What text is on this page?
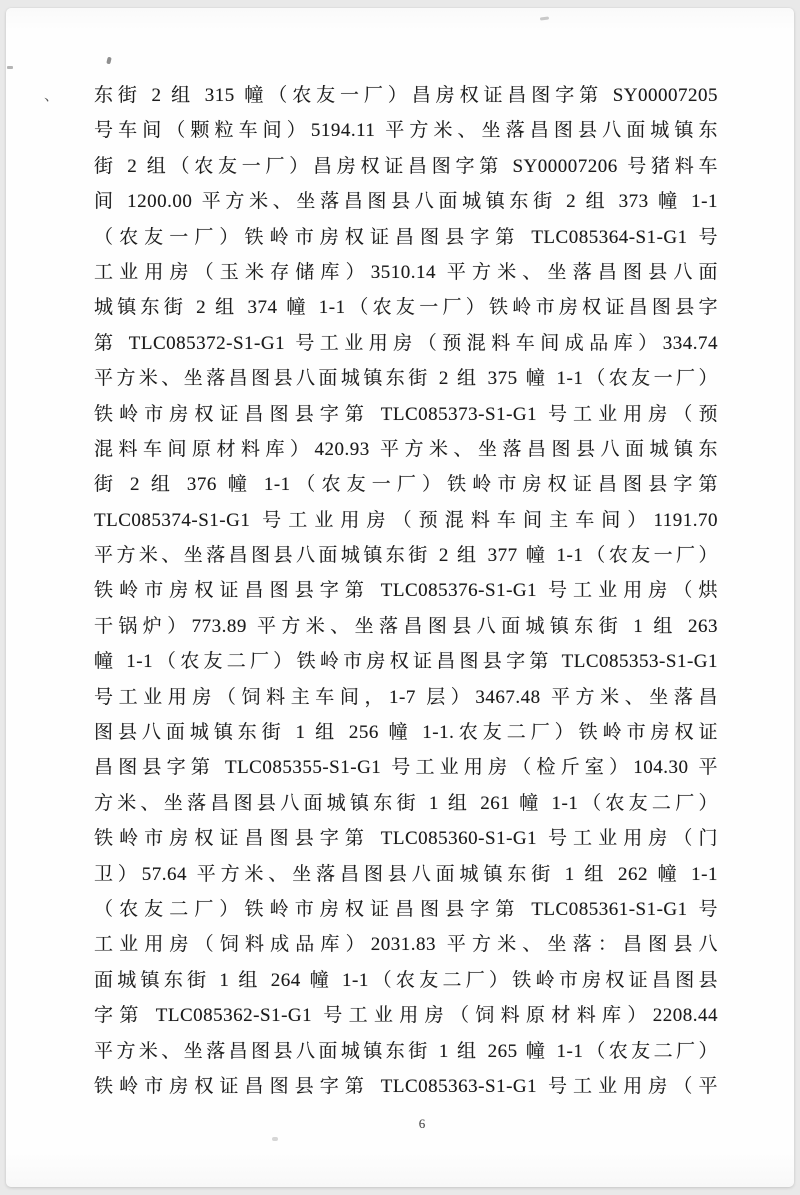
、 东街 2 组 315 幢（农友一厂）昌房权证昌图字第 SY00007205
号车间（颗粒车间）5194.11 平方米、坐落昌图县八面城镇东
街 2 组（农友一厂）昌房权证昌图字第 SY00007206 号猪料车
间 1200.00 平方米、坐落昌图县八面城镇东街 2 组 373 幢 1-1
（农友一厂）铁岭市房权证昌图县字第 TLC085364-S1-G1 号
工业用房（玉米存储库）3510.14 平方米、坐落昌图县八面
城镇东街 2 组 374 幢 1-1（农友一厂）铁岭市房权证昌图县字
第 TLC085372-S1-G1 号工业用房（预混料车间成品库）334.74
平方米、坐落昌图县八面城镇东街 2 组 375 幢 1-1（农友一厂）
铁岭市房权证昌图县字第 TLC085373-S1-G1 号工业用房（预
混料车间原材料库）420.93 平方米、坐落昌图县八面城镇东
街 2 组 376 幢 1-1（农友一厂）铁岭市房权证昌图县字第
TLC085374-S1-G1 号工业用房（预混料车间主车间）1191.70
平方米、坐落昌图县八面城镇东街 2 组 377 幢 1-1（农友一厂）
铁岭市房权证昌图县字第 TLC085376-S1-G1 号工业用房（烘
干锅炉）773.89 平方米、坐落昌图县八面城镇东街 1 组 263
幢 1-1（农友二厂）铁岭市房权证昌图县字第 TLC085353-S1-G1
号工业用房（饲料主车间，1-7 层）3467.48 平方米、坐落昌
图县八面城镇东街 1 组 256 幢 1-1.农友二厂）铁岭市房权证
昌图县字第 TLC085355-S1-G1 号工业用房（检斤室）104.30 平
方米、坐落昌图县八面城镇东街 1 组 261 幢 1-1（农友二厂）
铁岭市房权证昌图县字第 TLC085360-S1-G1 号工业用房（门
卫）57.64 平方米、坐落昌图县八面城镇东街 1 组 262 幢 1-1
（农友二厂）铁岭市房权证昌图县字第 TLC085361-S1-G1 号
工业用房（饲料成品库）2031.83 平方米、坐落：昌图县八
面城镇东街 1 组 264 幢 1-1（农友二厂）铁岭市房权证昌图县
字第 TLC085362-S1-G1 号工业用房（饲料原材料库）2208.44
平方米、坐落昌图县八面城镇东街 1 组 265 幢 1-1（农友二厂）
铁岭市房权证昌图县字第 TLC085363-S1-G1 号工业用房（平
6
